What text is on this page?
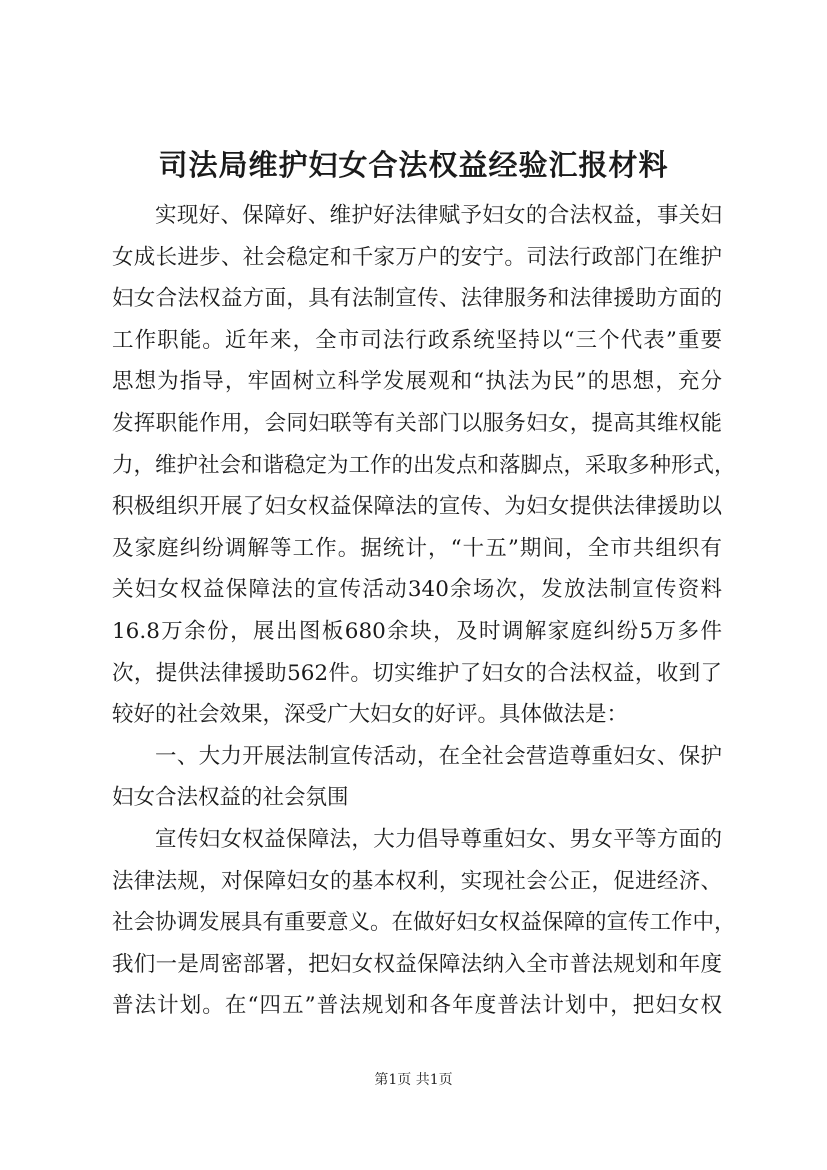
司法局维护妇女合法权益经验汇报材料
实现好、保障好、维护好法律赋予妇女的合法权益，事关妇
女成长进步、社会稳定和千家万户的安宁。司法行政部门在维护
妇女合法权益方面，具有法制宣传、法律服务和法律援助方面的
工作职能。近年来，全市司法行政系统坚持以“三个代表”重要
思想为指导，牢固树立科学发展观和“执法为民”的思想，充分
发挥职能作用，会同妇联等有关部门以服务妇女，提高其维权能
力，维护社会和谐稳定为工作的出发点和落脚点，采取多种形式，
积极组织开展了妇女权益保障法的宣传、为妇女提供法律援助以
及家庭纠纷调解等工作。据统计，“十五”期间，全市共组织有
关妇女权益保障法的宣传活动340余场次，发放法制宣传资料
16.8万余份，展出图板680余块，及时调解家庭纠纷5万多件
次，提供法律援助562件。切实维护了妇女的合法权益，收到了
较好的社会效果，深受广大妇女的好评。具体做法是：
一、大力开展法制宣传活动，在全社会营造尊重妇女、保护
妇女合法权益的社会氛围
宣传妇女权益保障法，大力倡导尊重妇女、男女平等方面的
法律法规，对保障妇女的基本权利，实现社会公正，促进经济、
社会协调发展具有重要意义。在做好妇女权益保障的宣传工作中，
我们一是周密部署，把妇女权益保障法纳入全市普法规划和年度
普法计划。在“四五”普法规划和各年度普法计划中，把妇女权
第1页 共1页
